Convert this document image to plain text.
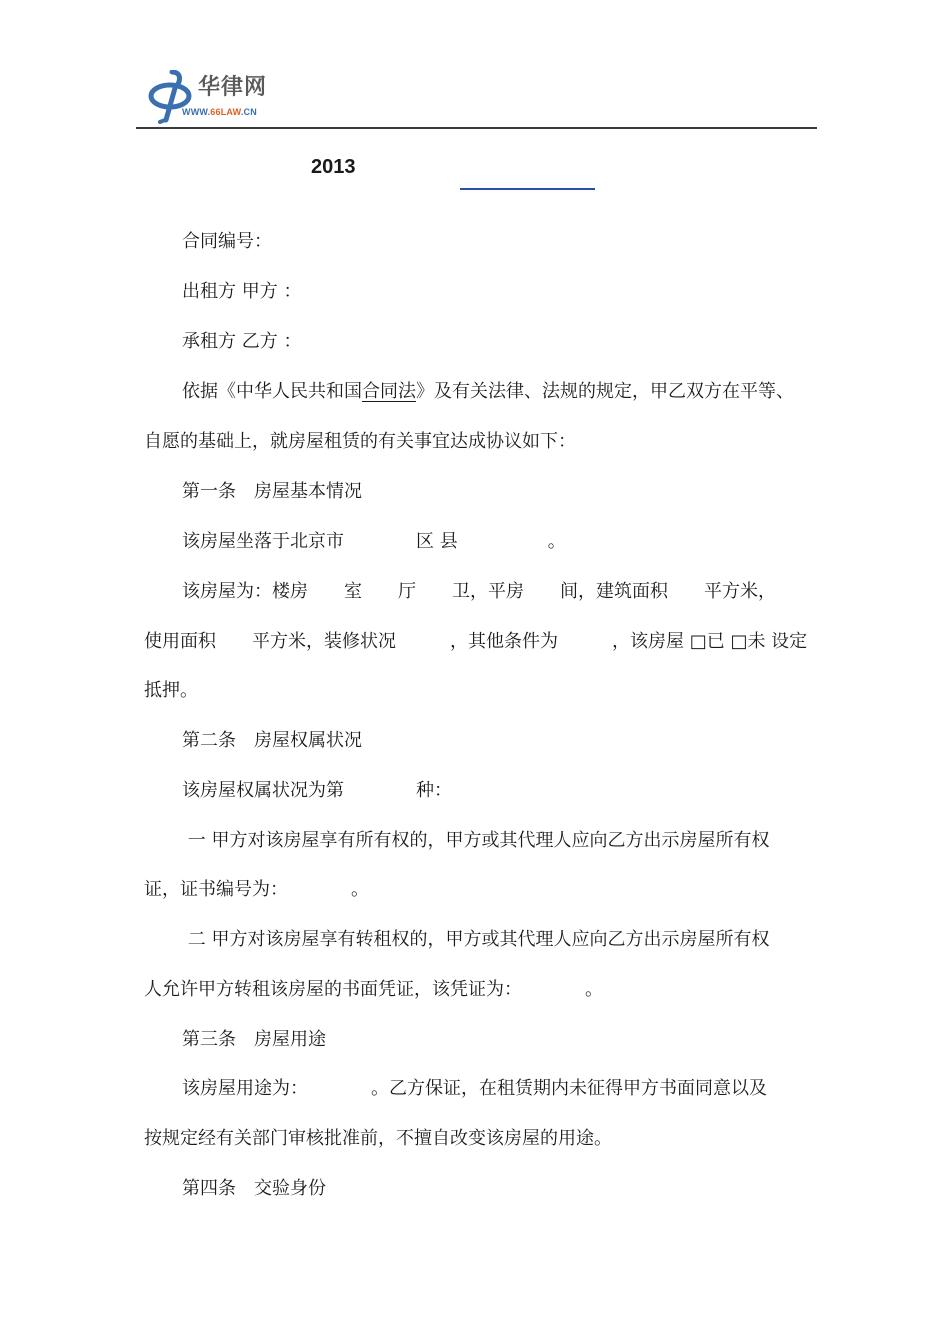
华律网
WWW.66LAW.CN
2013
合同编号：
出租方 甲方 ：
承租方 乙方 ：
依据《中华人民共和国合同法》及有关法律、法规的规定，甲乙双方在平等、
自愿的基础上，就房屋租赁的有关事宜达成协议如下：
第一条　房屋基本情况
该房屋坐落于北京市　　　　区 县　　　　　。
该房屋为：楼房　　室　　厅　　卫，平房　　间，建筑面积　　平方米，
使用面积　　平方米，装修状况　　　，其他条件为　　　，该房屋 □已 □未 设定
抵押。
第二条　房屋权属状况
该房屋权属状况为第　　　　种：
一 甲方对该房屋享有所有权的，甲方或其代理人应向乙方出示房屋所有权
证，证书编号为：　　　　。
二 甲方对该房屋享有转租权的，甲方或其代理人应向乙方出示房屋所有权
人允许甲方转租该房屋的书面凭证，该凭证为：　　　　。
第三条　房屋用途
该房屋用途为：　　　　。乙方保证，在租赁期内未征得甲方书面同意以及
按规定经有关部门审核批准前，不擅自改变该房屋的用途。
第四条　交验身份
